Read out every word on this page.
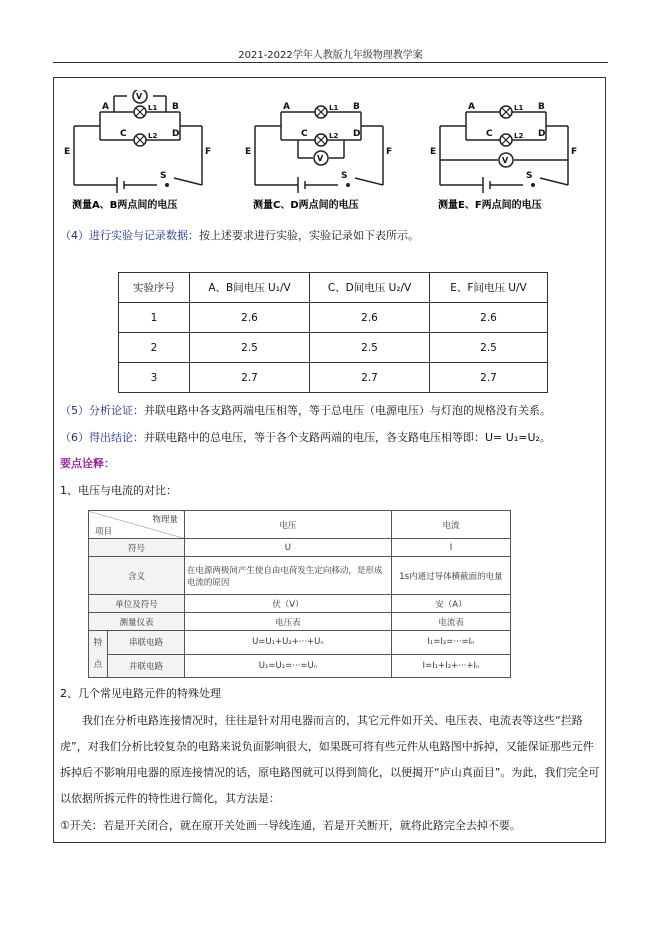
2021-2022学年人教版九年级物理教学案
A	B
C	D
E	F
S
V
L1
L2
测量A、B两点间的电压
A	B
C	D
E	F
S
V
L1
L2
测量C、D两点间的电压
A	B
C	D
E	F
S
V
L1
L2
测量E、F两点间的电压
（4）进行实验与记录数据：按上述要求进行实验，实验记录如下表所示。
实验序号	A、B间电压 U₁/V	C、D间电压 U₂/V	E、F间电压 U/V
1	2.6	2.6	2.6
2	2.5	2.5	2.5
3	2.7	2.7	2.7
（5）分析论证：并联电路中各支路两端电压相等，等于总电压（电源电压）与灯泡的规格没有关系。
（6）得出结论：并联电路中的总电压，等于各个支路两端的电压，各支路电压相等即：U= U₁=U₂。
要点诠释：
1、电压与电流的对比：
物理量
项目		电压	电流
符号		U	I
含义		在电源两极间产生使自由电荷发生定向移动，是形成电流的原因	1s内通过导体横截面的电量
单位及符号		伏（V）	安（A）
测量仪表		电压表	电流表
特点	串联电路	U=U₁+U₂+···+Uₙ	I₁=I₂=···=Iₙ
	并联电路	U₁=U₂=···=Uₙ	I=I₁+I₂+···+Iₙ
2、几个常见电路元件的特殊处理
我们在分析电路连接情况时，往往是针对用电器而言的，其它元件如开关、电压表、电流表等这些“拦路虎”，对我们分析比较复杂的电路来说负面影响很大，如果既可将有些元件从电路图中拆掉，又能保证那些元件拆掉后不影响用电器的原连接情况的话，原电路图就可以得到简化，以便揭开“庐山真面目”。为此，我们完全可以依据所拆元件的特性进行简化，其方法是：
①开关：若是开关闭合，就在原开关处画一导线连通，若是开关断开，就将此路完全去掉不要。
